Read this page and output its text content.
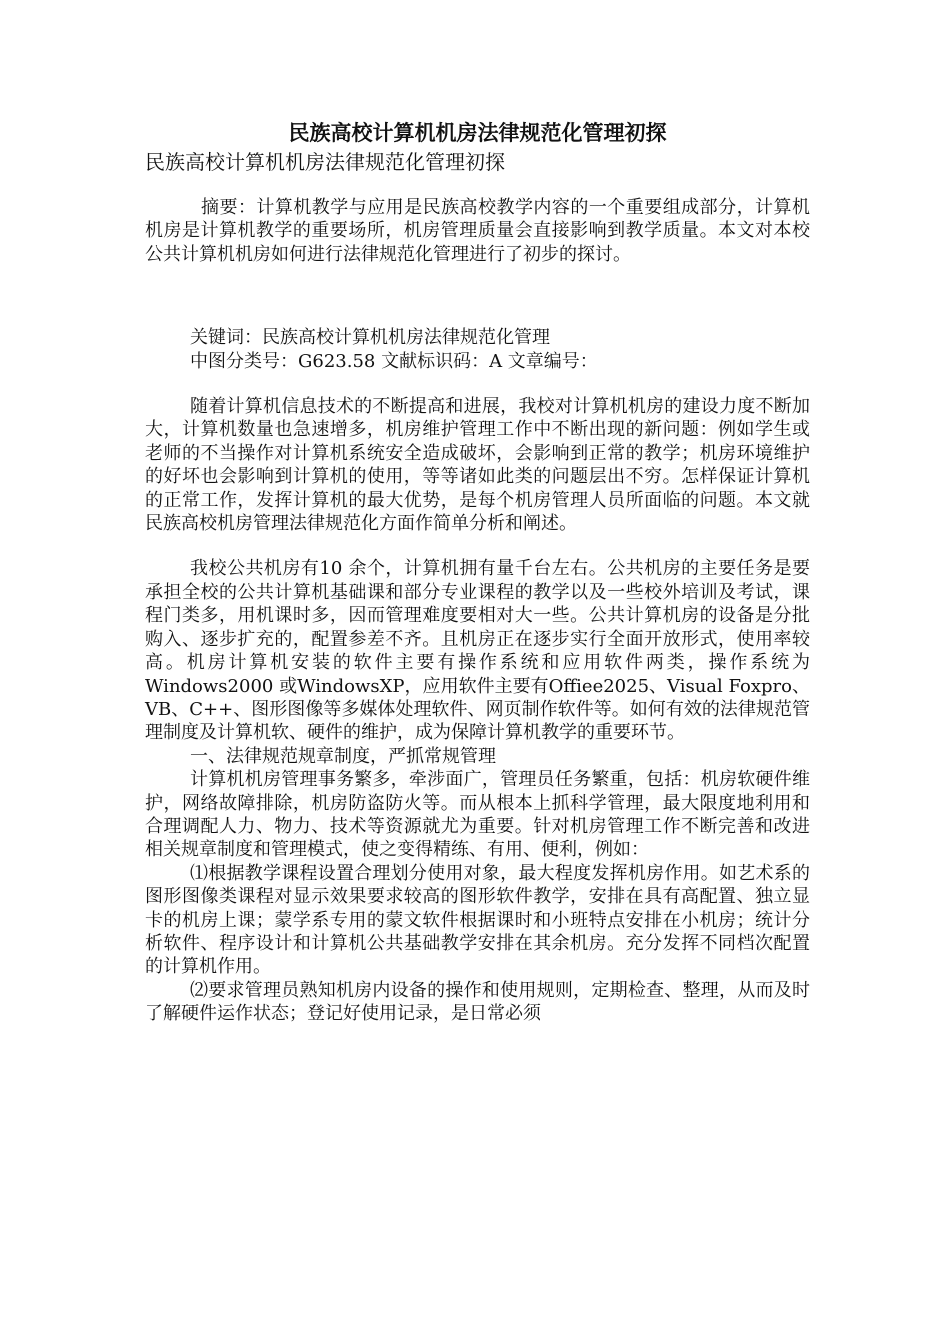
民族高校计算机机房法律规范化管理初探

民族高校计算机机房法律规范化管理初探

摘要：计算机教学与应用是民族高校教学内容的一个重要组成部分，计算机机房是计算机教学的重要场所，机房管理质量会直接影响到教学质量。本文对本校公共计算机机房如何进行法律规范化管理进行了初步的探讨。

关键词：民族高校计算机机房法律规范化管理

中图分类号：G623.58 文献标识码：A 文章编号：

随着计算机信息技术的不断提高和进展，我校对计算机机房的建设力度不断加大，计算机数量也急速增多，机房维护管理工作中不断出现的新问题：例如学生或老师的不当操作对计算机系统安全造成破坏，会影响到正常的教学；机房环境维护的好坏也会影响到计算机的使用，等等诸如此类的问题层出不穷。怎样保证计算机的正常工作，发挥计算机的最大优势，是每个机房管理人员所面临的问题。本文就民族高校机房管理法律规范化方面作简单分析和阐述。

我校公共机房有10 余个，计算机拥有量千台左右。公共机房的主要任务是要承担全校的公共计算机基础课和部分专业课程的教学以及一些校外培训及考试，课程门类多，用机课时多，因而管理难度要相对大一些。公共计算机房的设备是分批购入、逐步扩充的，配置参差不齐。且机房正在逐步实行全面开放形式，使用率较高。机房计算机安装的软件主要有操作系统和应用软件两类，操作系统为Windows2000 或WindowsXP，应用软件主要有Offiee2025、Visual Foxpro、VB、C++、图形图像等多媒体处理软件、网页制作软件等。如何有效的法律规范管理制度及计算机软、硬件的维护，成为保障计算机教学的重要环节。

一、法律规范规章制度，严抓常规管理

计算机机房管理事务繁多，牵涉面广，管理员任务繁重，包括：机房软硬件维护，网络故障排除，机房防盗防火等。而从根本上抓科学管理，最大限度地利用和合理调配人力、物力、技术等资源就尤为重要。针对机房管理工作不断完善和改进相关规章制度和管理模式，使之变得精练、有用、便利，例如：

⑴根据教学课程设置合理划分使用对象，最大程度发挥机房作用。如艺术系的图形图像类课程对显示效果要求较高的图形软件教学，安排在具有高配置、独立显卡的机房上课；蒙学系专用的蒙文软件根据课时和小班特点安排在小机房；统计分析软件、程序设计和计算机公共基础教学安排在其余机房。充分发挥不同档次配置的计算机作用。

⑵要求管理员熟知机房内设备的操作和使用规则，定期检查、整理，从而及时了解硬件运作状态；登记好使用记录，是日常必须
